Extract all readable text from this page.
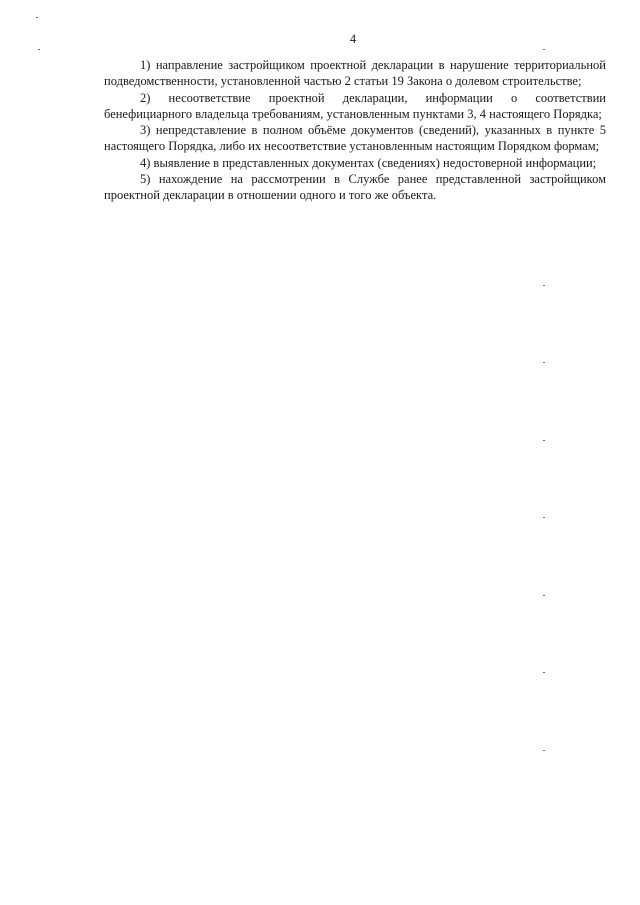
4

1) направление застройщиком проектной декларации в нарушение территориальной подведомственности, установленной частью 2 статьи 19 Закона о долевом строительстве;

2) несоответствие проектной декларации, информации о соответствии бенефициарного владельца требованиям, установленным пунктами 3, 4 настоящего Порядка;

3) непредставление в полном объёме документов (сведений), указанных в пункте 5 настоящего Порядка, либо их несоответствие установленным настоящим Порядком формам;

4) выявление в представленных документах (сведениях) недостоверной информации;

5) нахождение на рассмотрении в Службе ранее представленной застройщиком проектной декларации в отношении одного и того же объекта.
